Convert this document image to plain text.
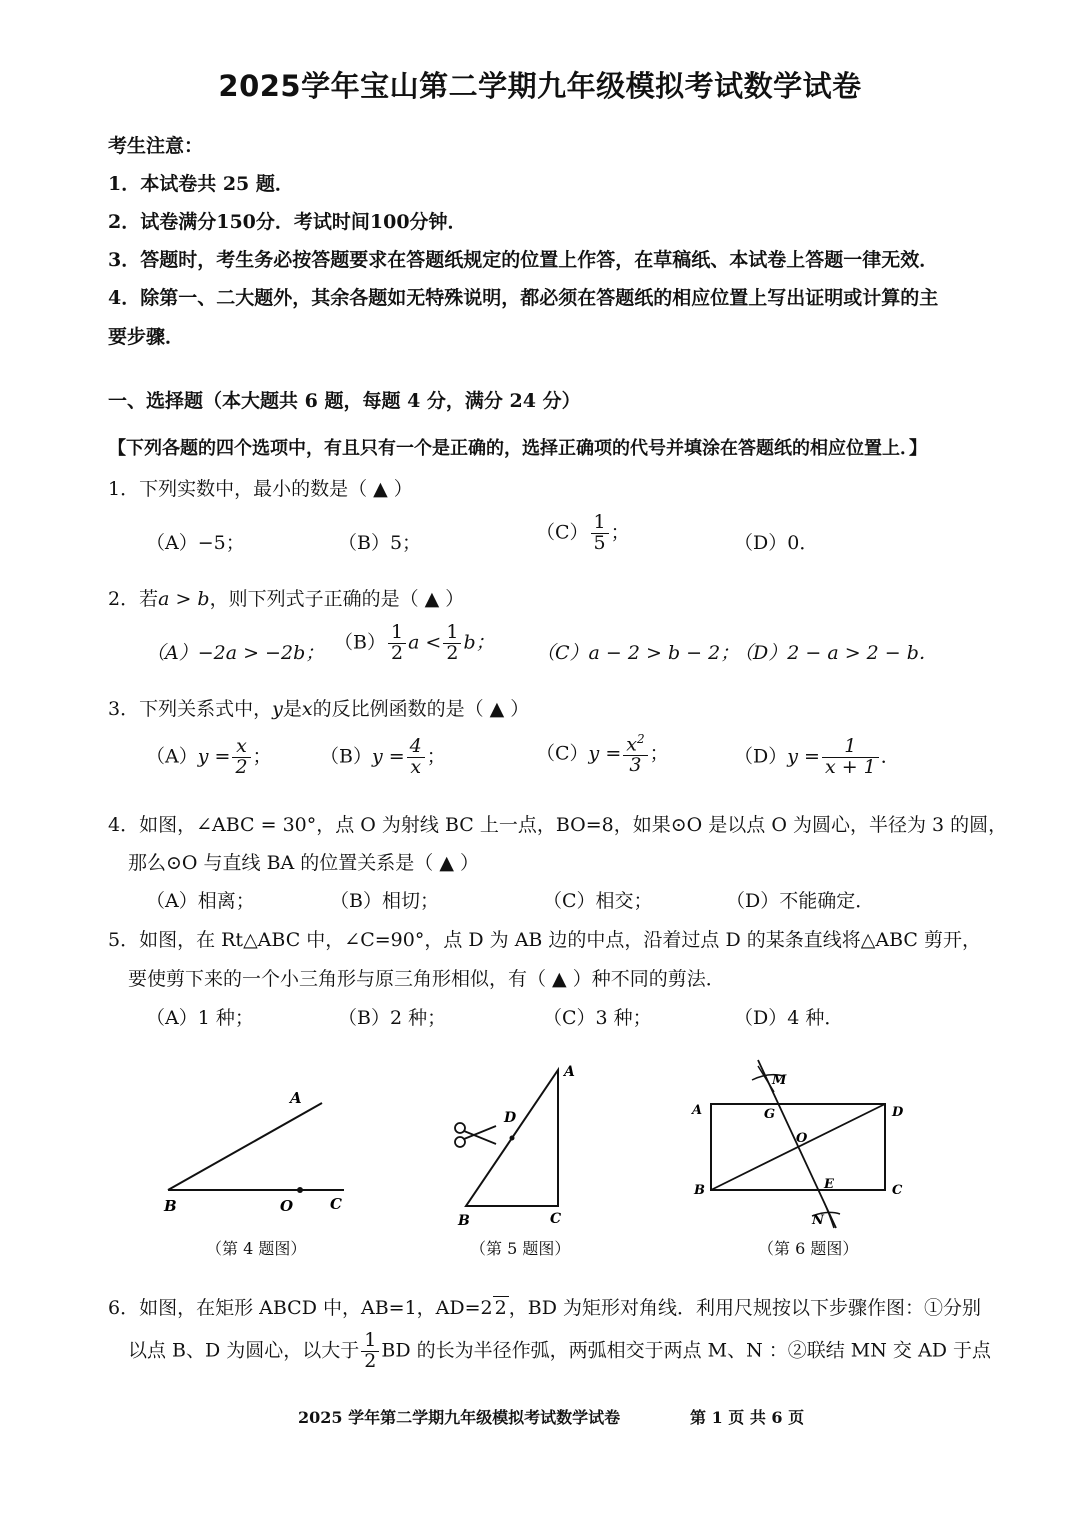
2025学年宝山第二学期九年级模拟考试数学试卷
考生注意：
1．本试卷共 25 题．
2．试卷满分150分．考试时间100分钟．
3．答题时，考生务必按答题要求在答题纸规定的位置上作答，在草稿纸、本试卷上答题一律无效．
4．除第一、二大题外，其余各题如无特殊说明，都必须在答题纸的相应位置上写出证明或计算的主
要步骤．
一、选择题（本大题共 6 题，每题 4 分，满分 24 分）
【下列各题的四个选项中，有且只有一个是正确的，选择正确项的代号并填涂在答题纸的相应位置上．】
1．下列实数中，最小的数是（ ▲ ）
（A）−5；	（B）5；	$(C) \frac{1}{5}$ ；	（D）0．
2．若a > b，则下列式子正确的是（ ▲ ）
（A）−2a > −2b； $(B) \frac{1}{2}$ $a < \frac{1}{2}$ b； （C）a − 2 > b − 2；
（D）2 − a > 2 − b．
3．下列关系式中，y是x的反比例函数的是（ ▲ ）
$(A)y = \frac{x}{2}$ ；	$(B)y = \frac{4}{x}$ ；	$(C)y = \frac{x^2}{3}$ ；	$(D)y = \frac{1}{x + 1}$ ．
4．如图，∠ABC = 30°，点 O 为射线 BC 上一点，BO=8，如果⊙O 是以点 O 为圆心，半径为 3 的圆，
那么⊙O 与直线 BA 的位置关系是（ ▲ ）
（A）相离；	（B）相切；	（C）相交；	（D）不能确定．
5．如图，在 Rt△ABC 中，∠C=90°，点 D 为 AB 边的中点，沿着过点 D 的某条直线将△ABC 剪开，
要使剪下来的一个小三角形与原三角形相似，有（ ▲ ）种不同的剪法．
（A）1 种；	（B）2 种；	（C）3 种；	（D）4 种．
A
B	O C
（第 4 题图）
A
D
B	C
（第 5 题图）
M
A	G	D
O
B	E	C
N
（第 6 题图）
6．如图，在矩形 ABCD 中，AB=1，AD=2 2 ，BD 为矩形对角线．利用尺规按以下步骤作图：①分别
以点 B、D 为圆心，以大于 $\frac{1}{2}$ BD 的长为半径作弧，两弧相交于两点 M、N ：②联结 MN 交 AD 于点
2025 学年第二学期九年级模拟考试数学试卷	第 1 页 共 6 页
